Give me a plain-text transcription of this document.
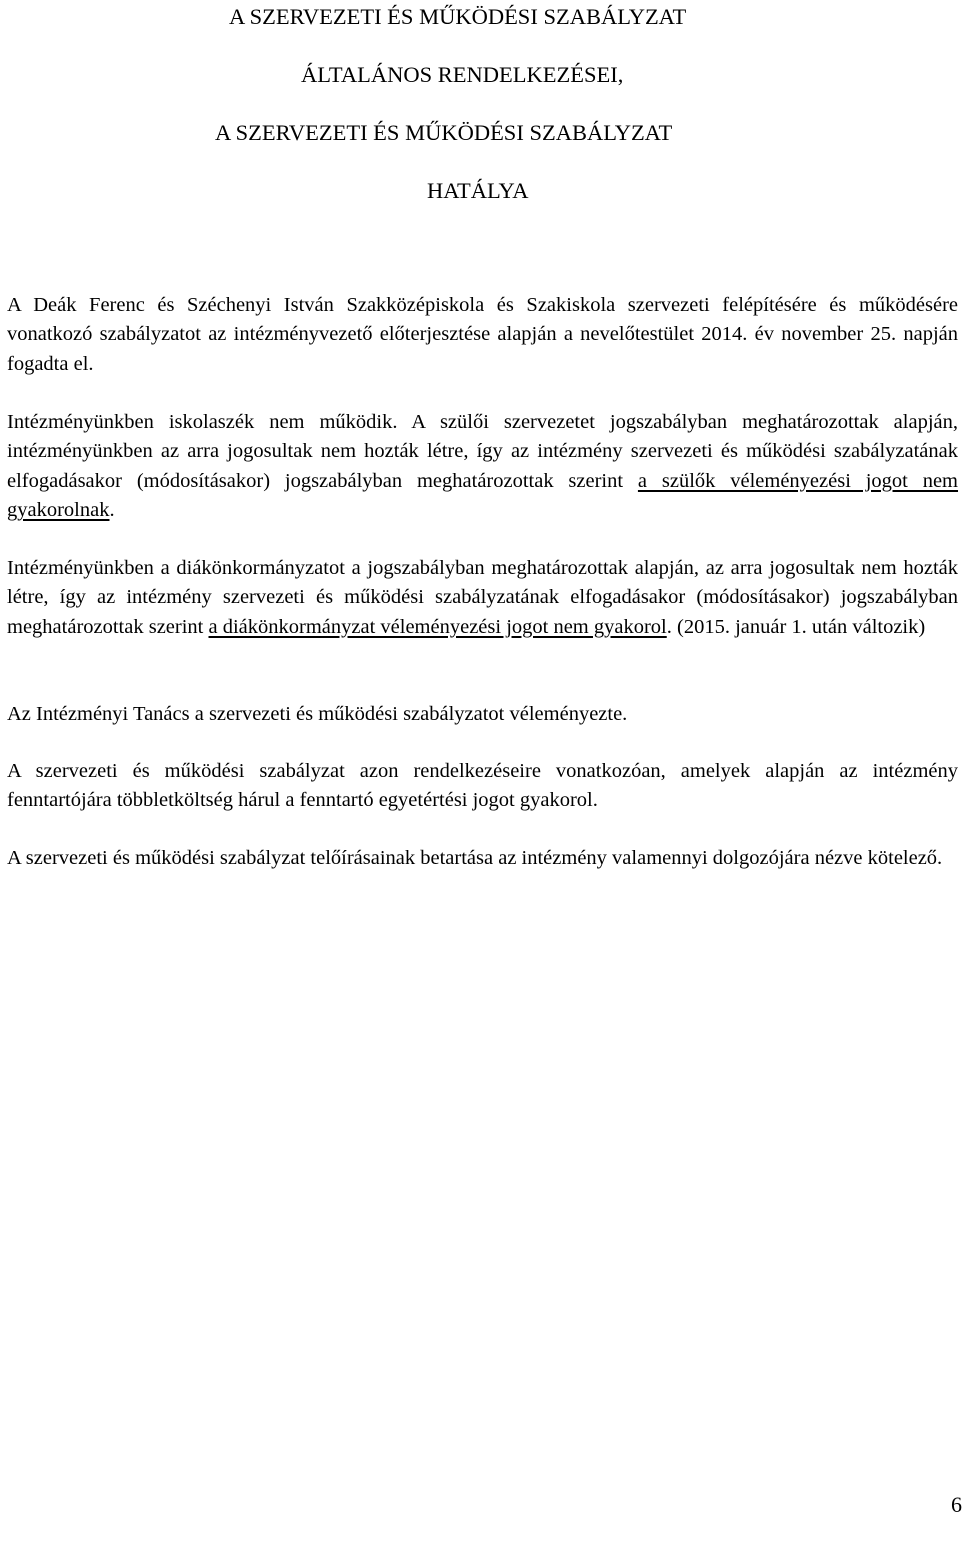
A SZERVEZETI ÉS MŰKÖDÉSI SZABÁLYZAT
ÁLTALÁNOS RENDELKEZÉSEI,
A SZERVEZETI ÉS MŰKÖDÉSI SZABÁLYZAT
HATÁLYA

A Deák Ferenc és Széchenyi István Szakközépiskola és Szakiskola szervezeti felépítésére és működésére vonatkozó szabályzatot az intézményvezető előterjesztése alapján a nevelőtestület 2014. év november 25. napján fogadta el.

Intézményünkben iskolaszék nem működik. A szülői szervezetet jogszabályban meghatározottak alapján, intézményünkben az arra jogosultak nem hozták létre, így az intézmény szervezeti és működési szabályzatának elfogadásakor (módosításakor) jogszabályban meghatározottak szerint a szülők véleményezési jogot nem gyakorolnak.

Intézményünkben a diákönkormányzatot a jogszabályban meghatározottak alapján, az arra jogosultak nem hozták létre, így az intézmény szervezeti és működési szabályzatának elfogadásakor (módosításakor) jogszabályban meghatározottak szerint a diákönkormányzat véleményezési jogot nem gyakorol. (2015. január 1. után változik)

Az Intézményi Tanács a szervezeti és működési szabályzatot véleményezte.

A szervezeti és működési szabályzat azon rendelkezéseire vonatkozóan, amelyek alapján az intézmény fenntartójára többletköltség hárul a fenntartó egyetértési jogot gyakorol.

A szervezeti és működési szabályzat telőírásainak betartása az intézmény valamennyi dolgozójára nézve kötelező.

6
